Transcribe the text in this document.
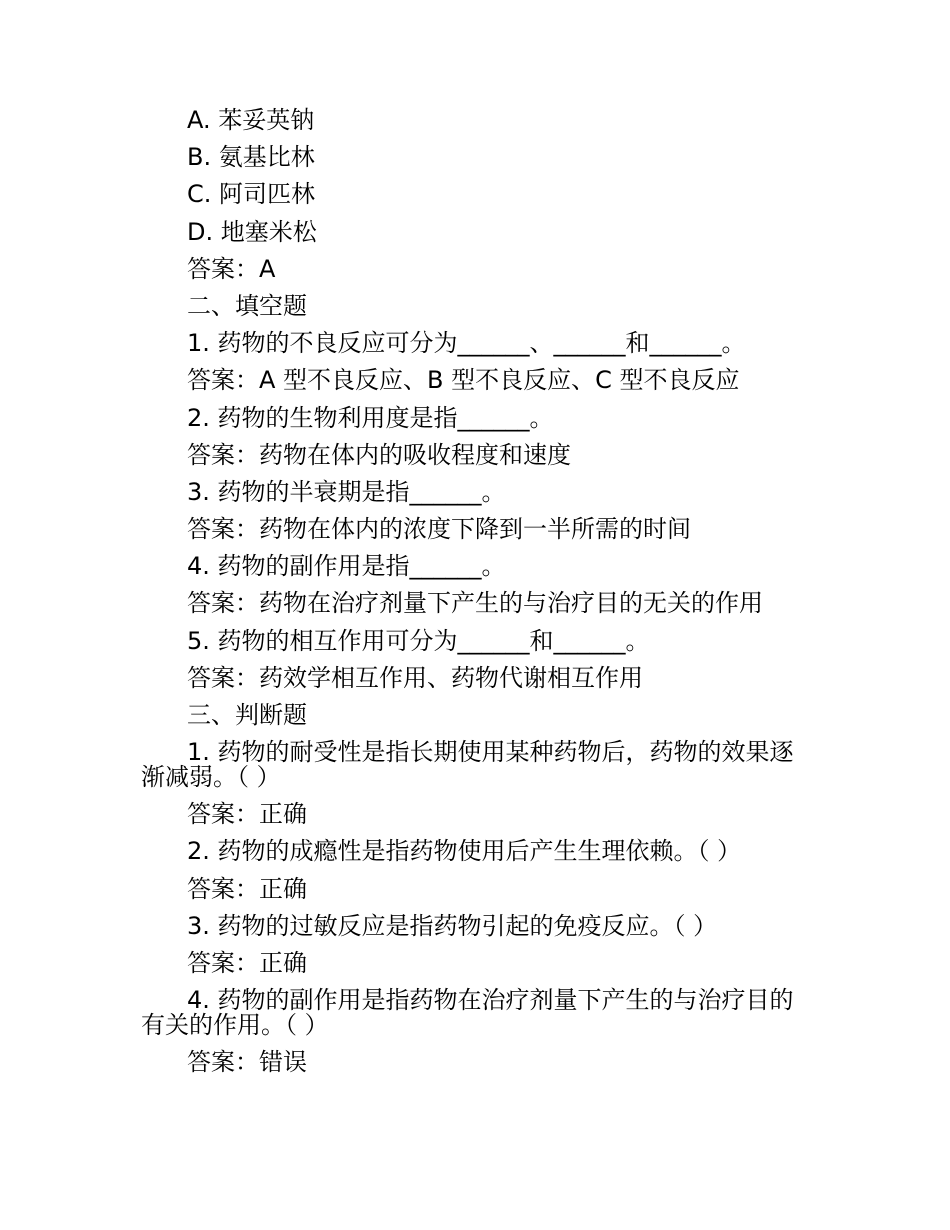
A. 苯妥英钠
B. 氨基比林
C. 阿司匹林
D. 地塞米松
答案：A
二、填空题
1. 药物的不良反应可分为______、______和______。
答案：A 型不良反应、B 型不良反应、C 型不良反应
2. 药物的生物利用度是指______。
答案：药物在体内的吸收程度和速度
3. 药物的半衰期是指______。
答案：药物在体内的浓度下降到一半所需的时间
4. 药物的副作用是指______。
答案：药物在治疗剂量下产生的与治疗目的无关的作用
5. 药物的相互作用可分为______和______。
答案：药效学相互作用、药物代谢相互作用
三、判断题
1. 药物的耐受性是指长期使用某种药物后，药物的效果逐渐减弱。（ ）
答案：正确
2. 药物的成瘾性是指药物使用后产生生理依赖。（ ）
答案：正确
3. 药物的过敏反应是指药物引起的免疫反应。（ ）
答案：正确
4. 药物的副作用是指药物在治疗剂量下产生的与治疗目的有关的作用。（ ）
答案：错误
